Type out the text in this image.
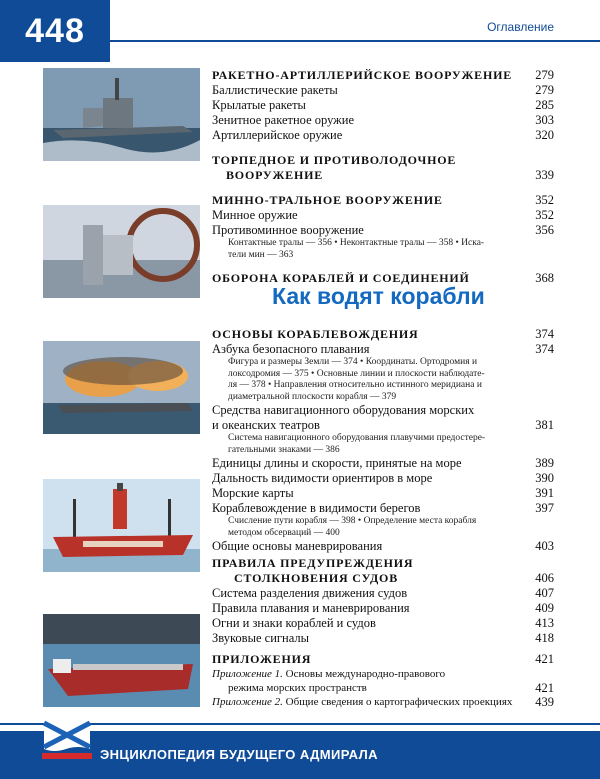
448	Оглавление
РАКЕТНО-АРТИЛЛЕРИЙСКОЕ ВООРУЖЕНИЕ 279
Баллистические ракеты	279
Крылатые ракеты	285
Зенитное ракетное оружие	303
Артиллерийское оружие	320
ТОРПЕДНОЕ И ПРОТИВОЛОДОЧНОЕ
ВООРУЖЕНИЕ	339
МИННО-ТРАЛЬНОЕ ВООРУЖЕНИЕ	352
Минное оружие	352
Противоминное вооружение	356
Контактные тралы — 356 • Неконтактные тралы — 358 • Иска-
тели мин — 363
ОБОРОНА КОРАБЛЕЙ И СОЕДИНЕНИЙ	368
Как водят корабли
ОСНОВЫ КОРАБЛЕВОЖДЕНИЯ	374
Азбука безопасного плавания	374
Фигура и размеры Земли — 374 • Координаты. Ортодромия и
локсодромия — 375 • Основные линии и плоскости наблюдате-
ля — 378 • Направления относительно истинного меридиана и
диаметральной плоскости корабля — 379
Средства навигационного оборудования морских
и океанских театров	381
Система навигационного оборудования плавучими предостере-
гательными знаками — 386
Единицы длины и скорости, принятые на море	389
Дальность видимости ориентиров в море	390
Морские карты	391
Кораблевождение в видимости берегов	397
Счисление пути корабля — 398 • Определение места корабля
методом обсерваций — 400
Общие основы маневрирования	403
ПРАВИЛА ПРЕДУПРЕЖДЕНИЯ
СТОЛКНОВЕНИЯ СУДОВ	406
Система разделения движения судов	407
Правила плавания и маневрирования	409
Огни и знаки кораблей и судов	413
Звуковые сигналы	418
ПРИЛОЖЕНИЯ	421
Приложение 1. Основы международно-правового
режима морских пространств	421
Приложение 2. Общие сведения о картографических проекциях 439
ЭНЦИКЛОПЕДИЯ БУДУЩЕГО АДМИРАЛА
